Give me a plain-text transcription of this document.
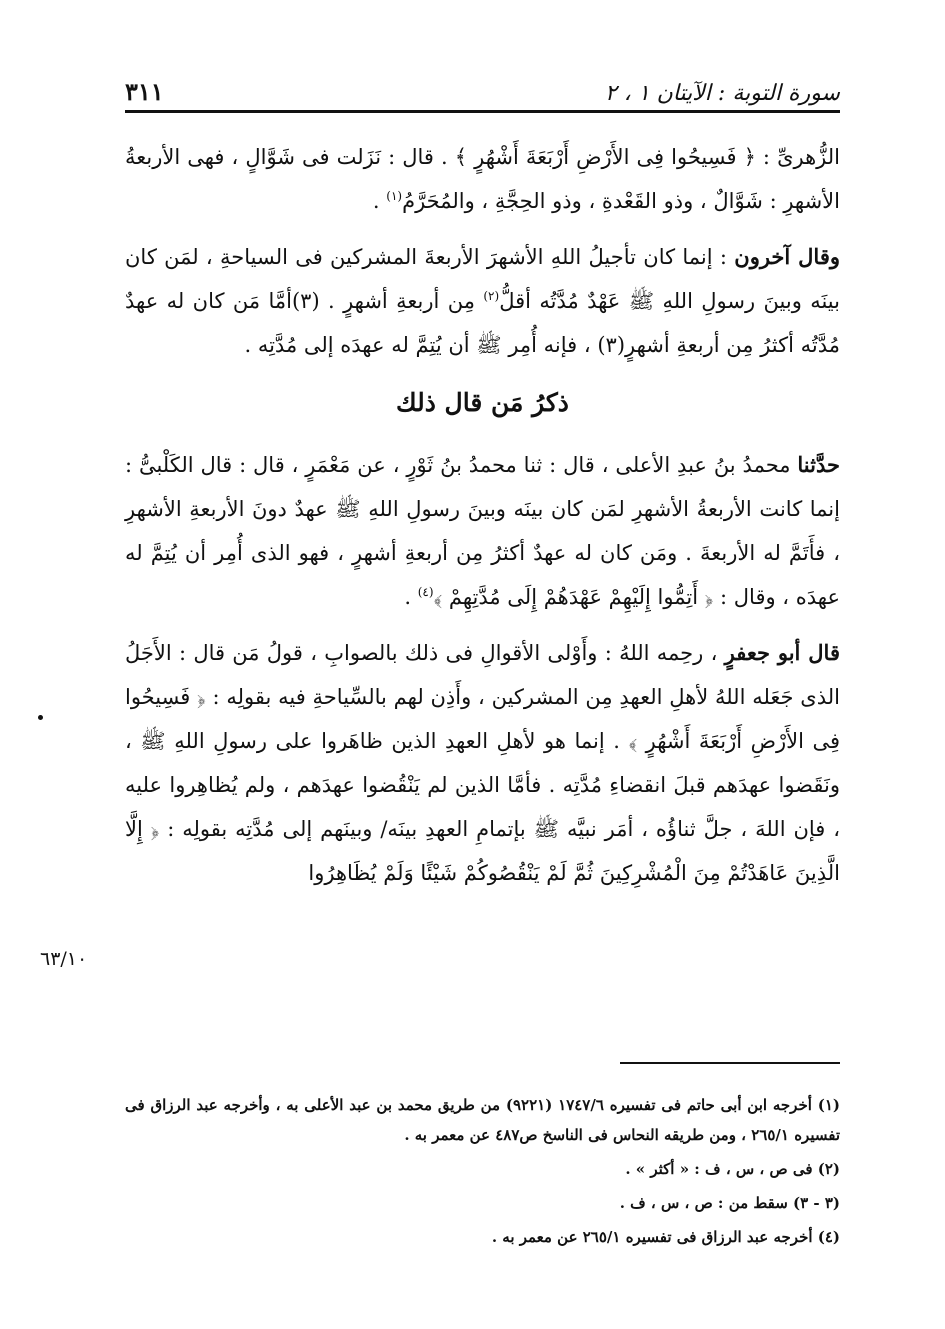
سورة التوبة : الآيتان ١ ، ٢
٣١١

الزُّهرىِّ : ﴿ فَسِيحُوا فِى الأَرْضِ أَرْبَعَةَ أَشْهُرٍ ﴾ . قال : نَزَلت فى شَوَّالٍ ، فهى الأربعةُ الأشهرِ : شَوَّالٌ ، وذو القَعْدةِ ، وذو الحِجَّةِ ، والمُحَرَّمُ$^{(١)}$ .

وقال آخرون : إنما كان تأجيلُ اللهِ الأشهرَ الأربعةَ المشركين فى السياحةِ ، لمَن كان بينَه وبينَ رسولِ اللهِ ﷺ عَهْدٌ مُدَّتُه أقلُّ$^{(٢)}$ مِن أربعةِ أشهرٍ . (٣)أمَّا مَن كان له عهدٌ مُدَّتُه أكثرُ مِن أربعةِ أشهرٍ(٣) ، فإنه أُمِر ﷺ أن يُتِمَّ له عهدَه إلى مُدَّتِه .

ذكرُ مَن قال ذلك

حدَّثنا محمدُ بنُ عبدِ الأعلى ، قال : ثنا محمدُ بنُ ثَوْرٍ ، عن مَعْمَرٍ ، قال : قال الكَلْبىُّ : إنما كانت الأربعةُ الأشهرِ لمَن كان بينَه وبينَ رسولِ اللهِ ﷺ عهدٌ دونَ الأربعةِ الأشهرِ ، فأَتَمَّ له الأربعةَ . ومَن كان له عهدٌ أكثرُ مِن أربعةِ أشهرٍ ، فهو الذى أُمِر أن يُتِمَّ له عهدَه ، وقال : ﴿ أَتِمُّوا إِلَيْهِمْ عَهْدَهُمْ إِلَى مُدَّتِهِمْ ﴾$^{(٤)}$ .

قال أبو جعفرٍ ، رحِمه اللهُ : وأَوْلى الأقوالِ فى ذلك بالصوابِ ، قولُ مَن قال : الأَجَلُ الذى جَعَله اللهُ لأهلِ العهدِ مِن المشركين ، وأَذِن لهم بالسِّياحةِ فيه بقولِه : ﴿ فَسِيحُوا فِى الأَرْضِ أَرْبَعَةَ أَشْهُرٍ ﴾ . إنما هو لأهلِ العهدِ الذين ظاهَروا على رسولِ اللهِ ﷺ ، ونَقَضوا عهدَهم قبلَ انقضاءِ مُدَّتِه . فأمَّا الذين لم يَنْقُضوا عهدَهم ، ولم يُظاهِروا عليه ، فإن اللهَ ، جلَّ ثناؤُه ، أمَر نبيَّه ﷺ بإتمامِ العهدِ بينَه/ وبينَهم إلى مُدَّتِه بقولِه : ﴿ إِلَّا الَّذِينَ عَاهَدْتُمْ مِنَ الْمُشْرِكِينَ ثُمَّ لَمْ يَنْقُصُوكُمْ شَيْئًا وَلَمْ يُظَاهِرُوا

٦٣/١٠

(١) أخرجه ابن أبى حاتم فى تفسيره ١٧٤٧/٦ (٩٢٢١) من طريق محمد بن عبد الأعلى به ، وأخرجه عبد الرزاق فى تفسيره ٢٦٥/١ ، ومن طريقه النحاس فى الناسخ ص٤٨٧ عن معمر به .

(٢) فى ص ، س ، ف : « أكثر » .

(٣ - ٣) سقط من : ص ، س ، ف .

(٤) أخرجه عبد الرزاق فى تفسيره ٢٦٥/١ عن معمر به .
